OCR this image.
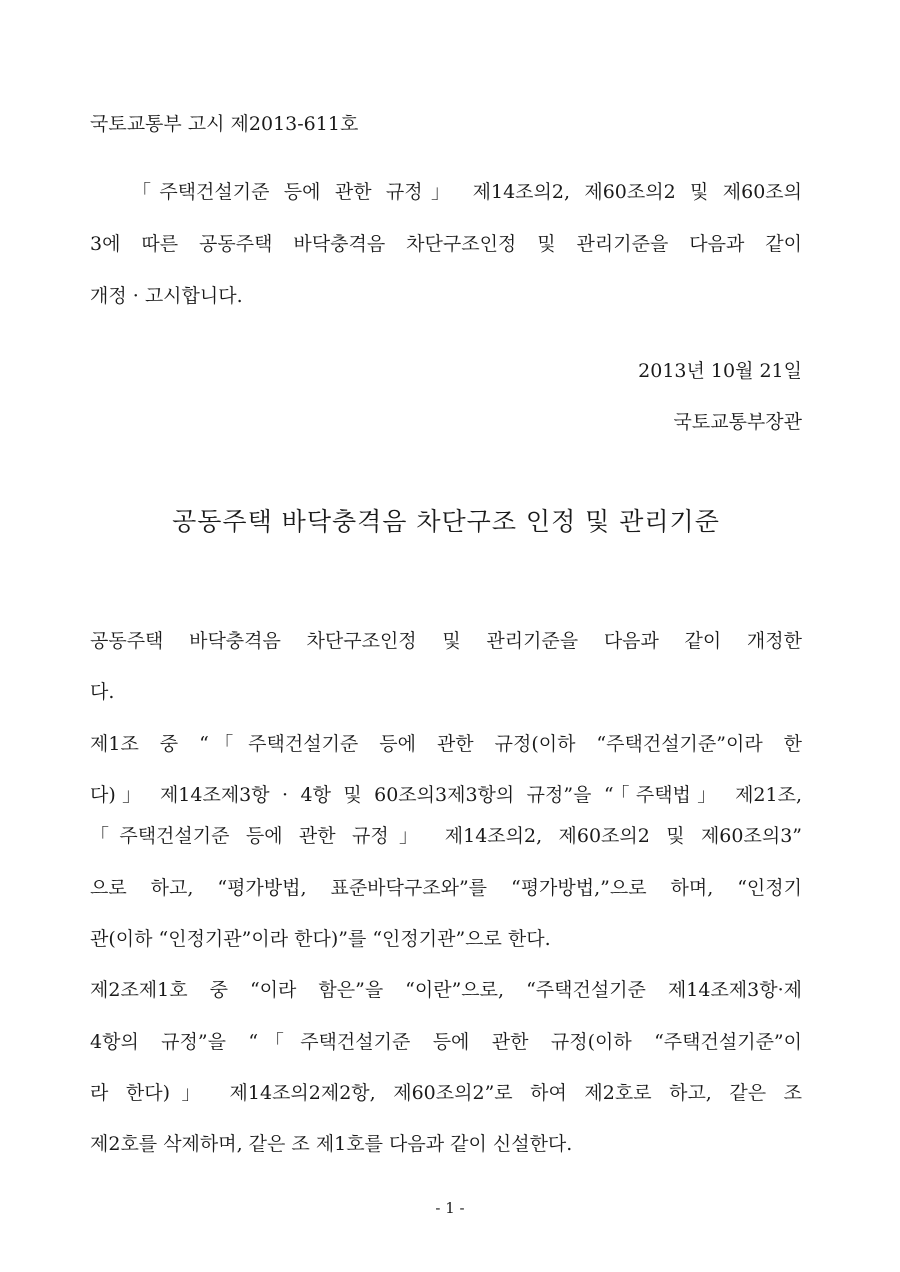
국토교통부 고시 제2013-611호
「주택건설기준 등에 관한 규정」 제14조의2, 제60조의2 및 제60조의
3에 따른 공동주택 바닥충격음 차단구조인정 및 관리기준을 다음과 같이
개정 · 고시합니다.
2013년 10월 21일
국토교통부장관
공동주택 바닥충격음 차단구조 인정 및 관리기준
공동주택 바닥충격음 차단구조인정 및 관리기준을 다음과 같이 개정한
다.
제1조 중 “「주택건설기준 등에 관한 규정(이하 “주택건설기준”이라 한
다)」 제14조제3항 · 4항 및 60조의3제3항의 규정”을 “「주택법」 제21조,
「주택건설기준 등에 관한 규정」 제14조의2, 제60조의2 및 제60조의3”
으로 하고, “평가방법, 표준바닥구조와”를 “평가방법,”으로 하며, “인정기
관(이하 “인정기관”이라 한다)”를 “인정기관”으로 한다.
제2조제1호 중 “이라 함은”을 “이란”으로, “주택건설기준 제14조제3항·제
4항의 규정”을 “「주택건설기준 등에 관한 규정(이하 “주택건설기준”이
라 한다)」 제14조의2제2항, 제60조의2”로 하여 제2호로 하고, 같은 조
제2호를 삭제하며, 같은 조 제1호를 다음과 같이 신설한다.
- 1 -
